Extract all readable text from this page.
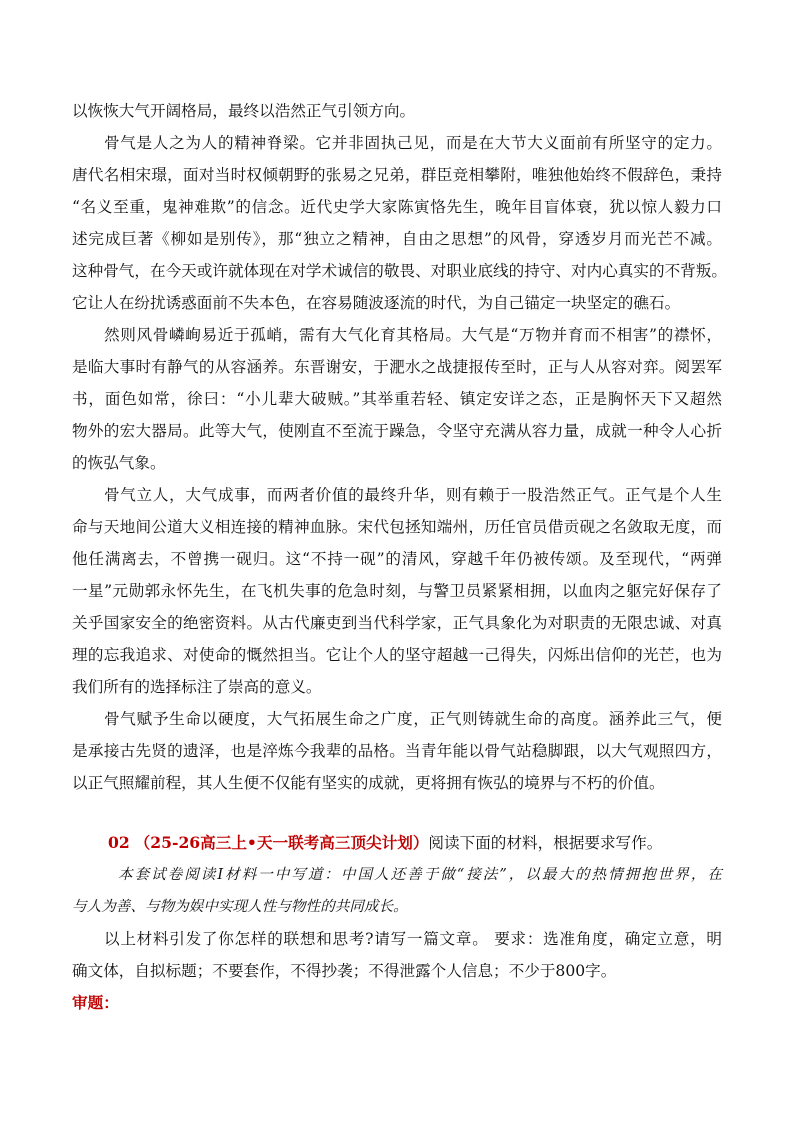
以恢恢大气开阔格局，最终以浩然正气引领方向。
骨气是人之为人的精神脊梁。它并非固执己见，而是在大节大义面前有所坚守的定力。
唐代名相宋璟，面对当时权倾朝野的张易之兄弟，群臣竞相攀附，唯独他始终不假辞色，秉持
“名义至重，鬼神难欺”的信念。近代史学大家陈寅恪先生，晚年目盲体衰，犹以惊人毅力口
述完成巨著《柳如是别传》，那“独立之精神，自由之思想”的风骨，穿透岁月而光芒不减。
这种骨气，在今天或许就体现在对学术诚信的敬畏、对职业底线的持守、对内心真实的不背叛。
它让人在纷扰诱惑面前不失本色，在容易随波逐流的时代，为自己锚定一块坚定的礁石。
然则风骨嶙峋易近于孤峭，需有大气化育其格局。大气是“万物并育而不相害”的襟怀，
是临大事时有静气的从容涵养。东晋谢安，于淝水之战捷报传至时，正与人从容对弈。阅罢军
书，面色如常，徐曰：“小儿辈大破贼。”其举重若轻、镇定安详之态，正是胸怀天下又超然
物外的宏大器局。此等大气，使刚直不至流于躁急，令坚守充满从容力量，成就一种令人心折
的恢弘气象。
骨气立人，大气成事，而两者价值的最终升华，则有赖于一股浩然正气。正气是个人生
命与天地间公道大义相连接的精神血脉。宋代包拯知端州，历任官员借贡砚之名敛取无度，而
他任满离去，不曾携一砚归。这“不持一砚”的清风，穿越千年仍被传颂。及至现代，“两弹
一星”元勋郭永怀先生，在飞机失事的危急时刻，与警卫员紧紧相拥，以血肉之躯完好保存了
关乎国家安全的绝密资料。从古代廉吏到当代科学家，正气具象化为对职责的无限忠诚、对真
理的忘我追求、对使命的慨然担当。它让个人的坚守超越一己得失，闪烁出信仰的光芒，也为
我们所有的选择标注了崇高的意义。
骨气赋予生命以硬度，大气拓展生命之广度，正气则铸就生命的高度。涵养此三气，便
是承接古先贤的遗泽，也是淬炼今我辈的品格。当青年能以骨气站稳脚跟，以大气观照四方，
以正气照耀前程，其人生便不仅能有坚实的成就，更将拥有恢弘的境界与不朽的价值。
02 （25-26高三上•天一联考高三顶尖计划）阅读下面的材料，根据要求写作。
本套试卷阅读Ⅰ材料一中写道：中国人还善于做“接法”，以最大的热情拥抱世界，在
与人为善、与物为娱中实现人性与物性的共同成长。
以上材料引发了你怎样的联想和思考?请写一篇文章。 要求：选准角度，确定立意，明
确文体，自拟标题；不要套作，不得抄袭；不得泄露个人信息；不少于800字。
审题：
